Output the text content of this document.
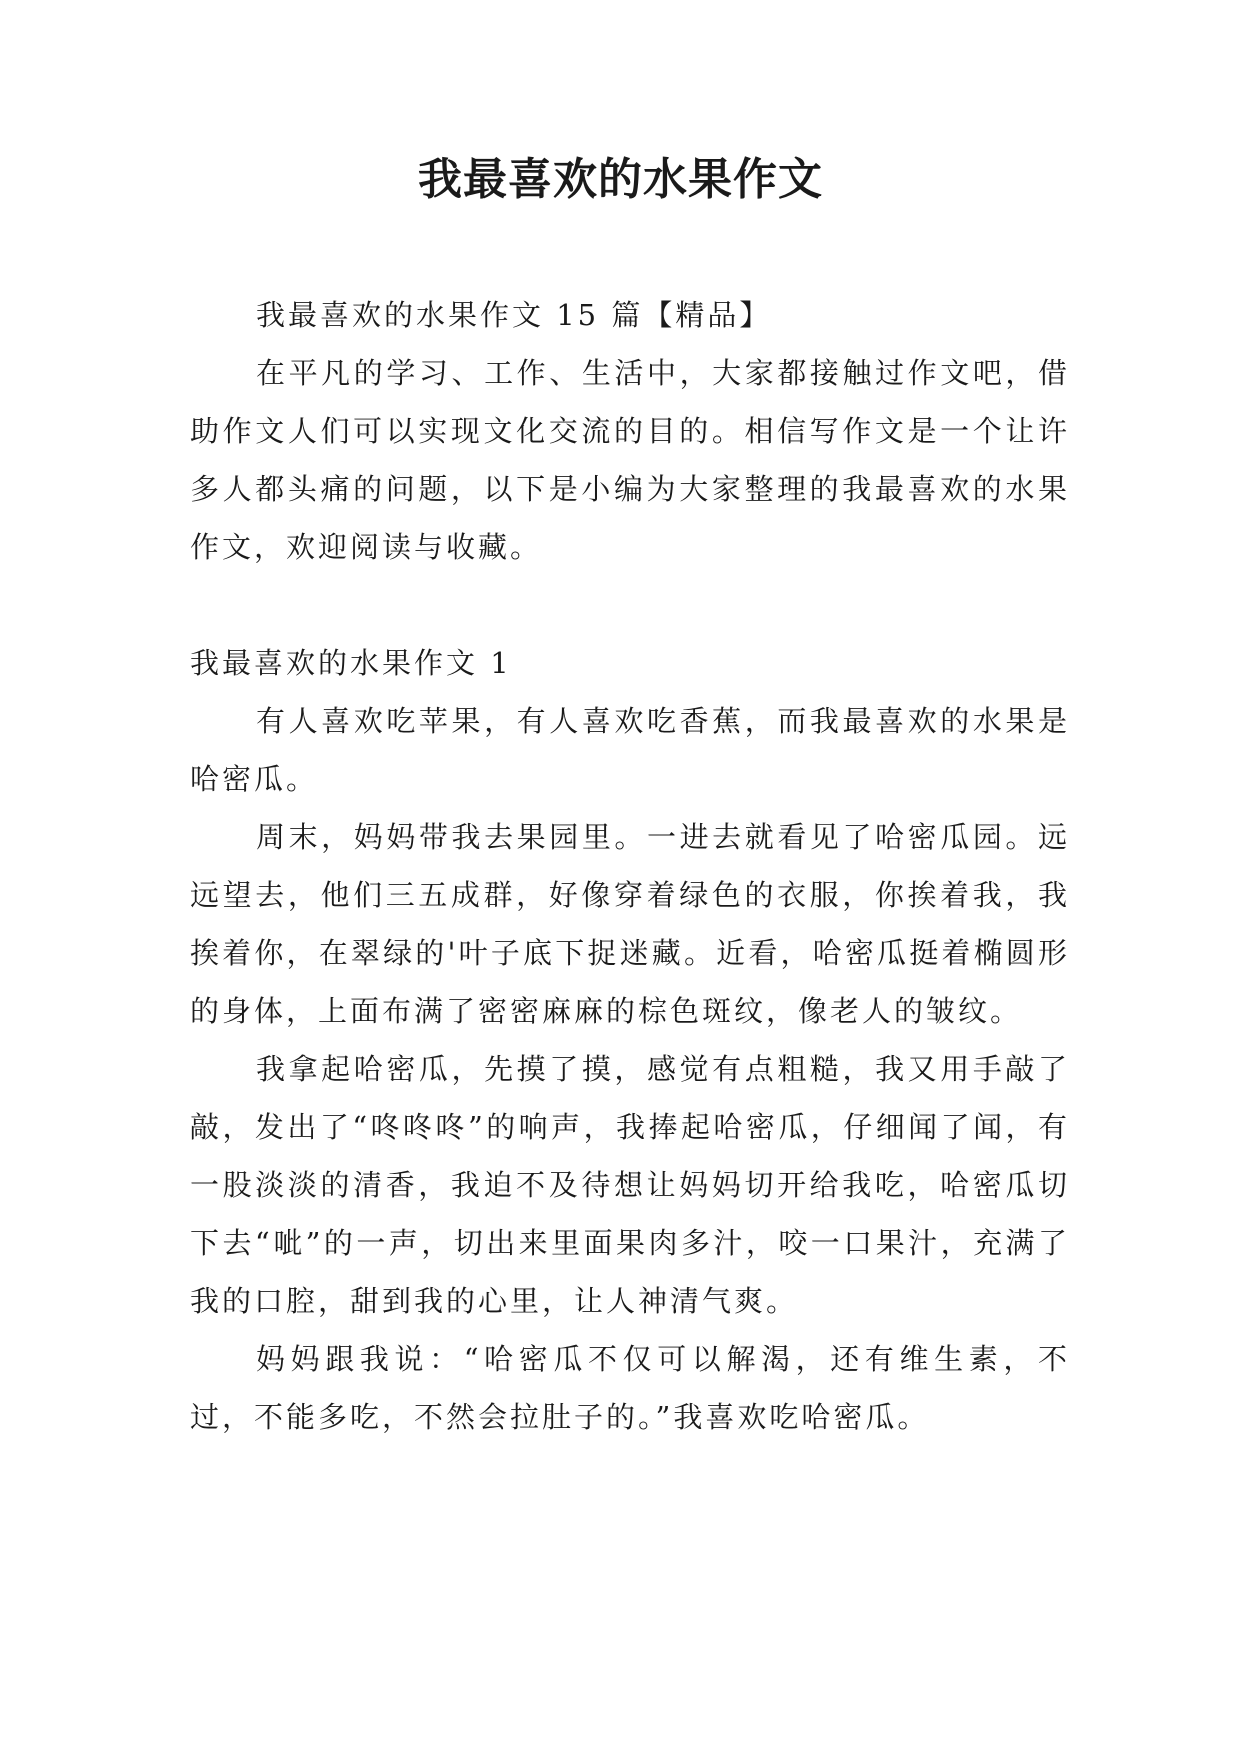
我最喜欢的水果作文

我最喜欢的水果作文 15 篇【精品】

在平凡的学习、工作、生活中，大家都接触过作文吧，借助作文人们可以实现文化交流的目的。相信写作文是一个让许多人都头痛的问题，以下是小编为大家整理的我最喜欢的水果作文，欢迎阅读与收藏。

我最喜欢的水果作文 1

有人喜欢吃苹果，有人喜欢吃香蕉，而我最喜欢的水果是哈密瓜。

周末，妈妈带我去果园里。一进去就看见了哈密瓜园。远远望去，他们三五成群，好像穿着绿色的衣服，你挨着我，我挨着你，在翠绿的'叶子底下捉迷藏。近看，哈密瓜挺着椭圆形的身体，上面布满了密密麻麻的棕色斑纹，像老人的皱纹。

我拿起哈密瓜，先摸了摸，感觉有点粗糙，我又用手敲了敲，发出了“咚咚咚”的响声，我捧起哈密瓜，仔细闻了闻，有一股淡淡的清香，我迫不及待想让妈妈切开给我吃，哈密瓜切下去“呲”的一声，切出来里面果肉多汁，咬一口果汁，充满了我的口腔，甜到我的心里，让人神清气爽。

妈妈跟我说：“哈密瓜不仅可以解渴，还有维生素，不过，不能多吃，不然会拉肚子的。”我喜欢吃哈密瓜。
